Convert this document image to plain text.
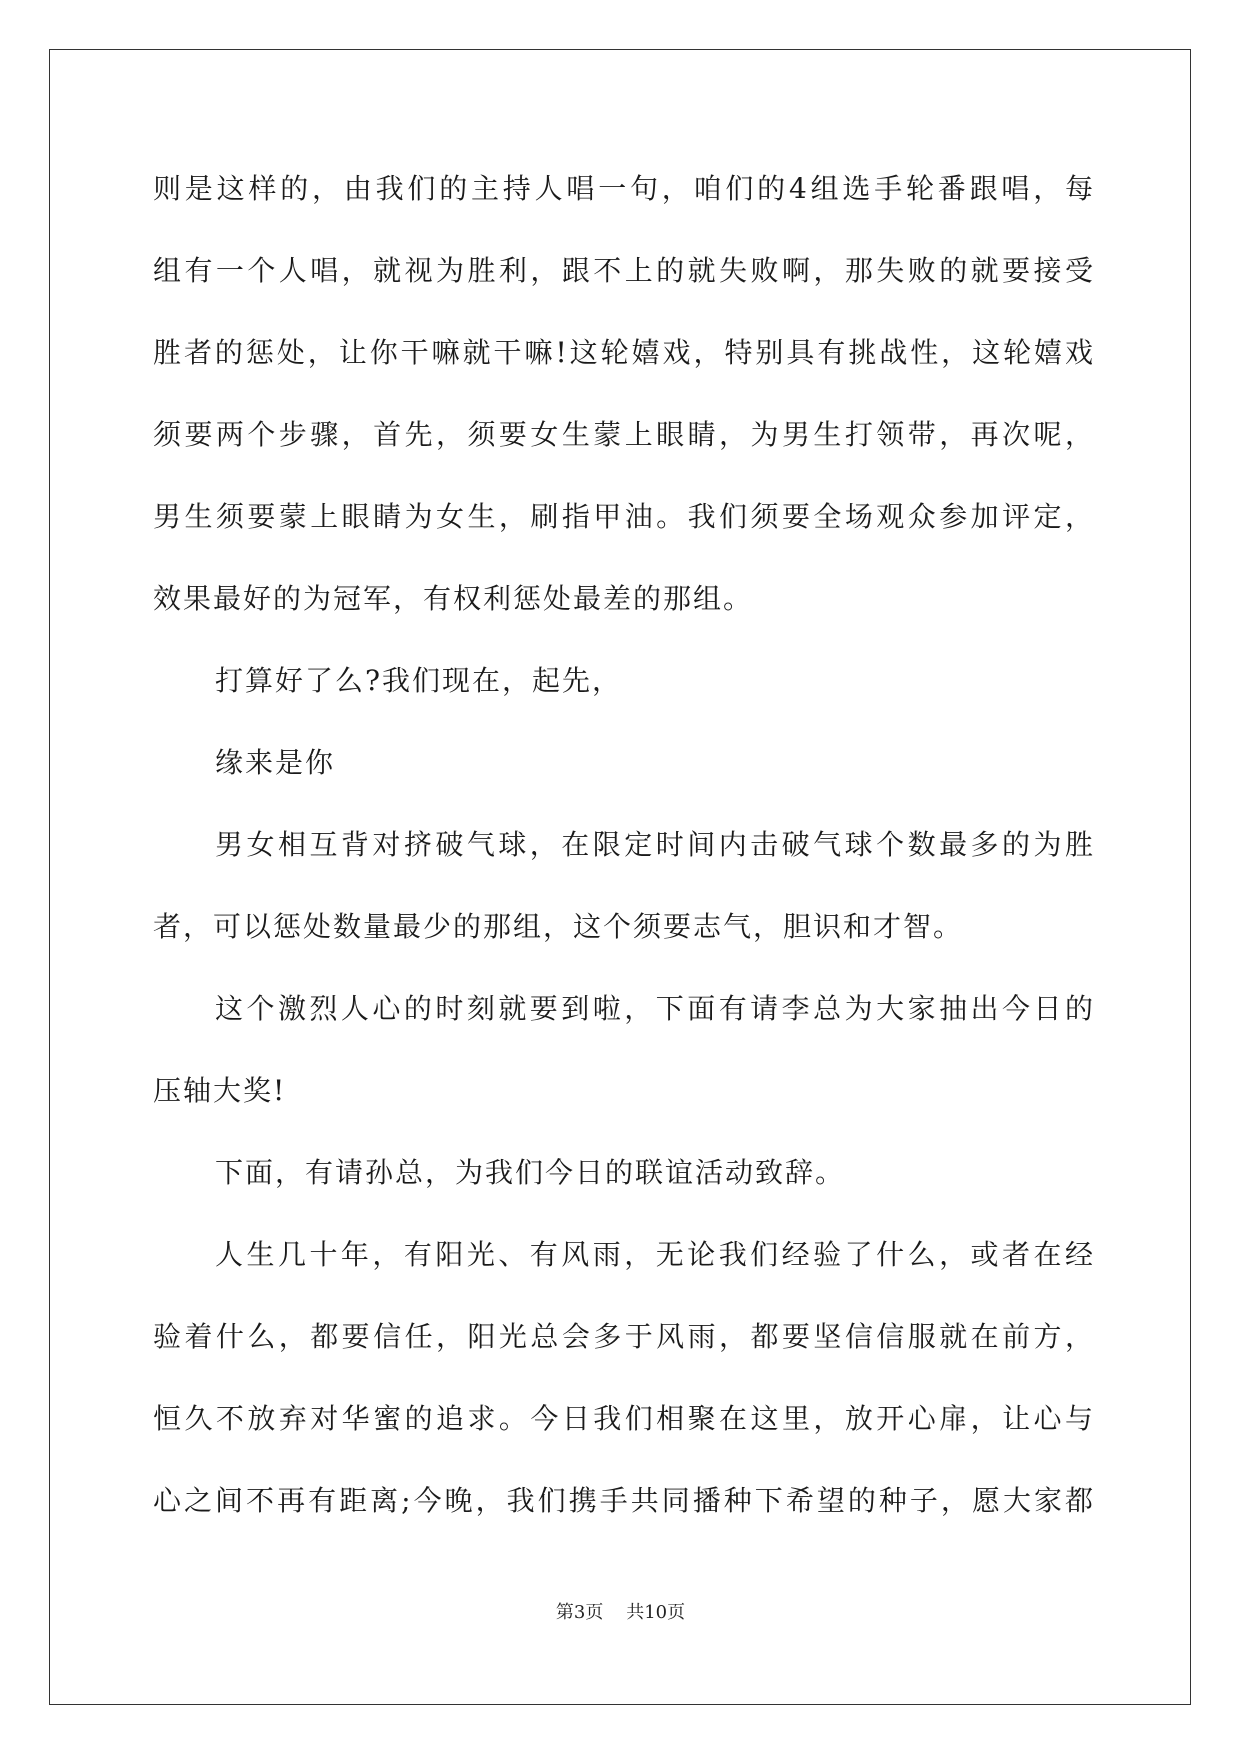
则是这样的，由我们的主持人唱一句，咱们的4组选手轮番跟唱，每
组有一个人唱，就视为胜利，跟不上的就失败啊，那失败的就要接受
胜者的惩处，让你干嘛就干嘛!这轮嬉戏，特别具有挑战性，这轮嬉戏
须要两个步骤，首先，须要女生蒙上眼睛，为男生打领带，再次呢，
男生须要蒙上眼睛为女生，刷指甲油。我们须要全场观众参加评定，
效果最好的为冠军，有权利惩处最差的那组。
打算好了么?我们现在，起先，
缘来是你
男女相互背对挤破气球，在限定时间内击破气球个数最多的为胜
者，可以惩处数量最少的那组，这个须要志气，胆识和才智。
这个激烈人心的时刻就要到啦，下面有请李总为大家抽出今日的
压轴大奖!
下面，有请孙总，为我们今日的联谊活动致辞。
人生几十年，有阳光、有风雨，无论我们经验了什么，或者在经
验着什么，都要信任，阳光总会多于风雨，都要坚信信服就在前方，
恒久不放弃对华蜜的追求。今日我们相聚在这里，放开心扉，让心与
心之间不再有距离;今晚，我们携手共同播种下希望的种子，愿大家都
第3页    共10页
